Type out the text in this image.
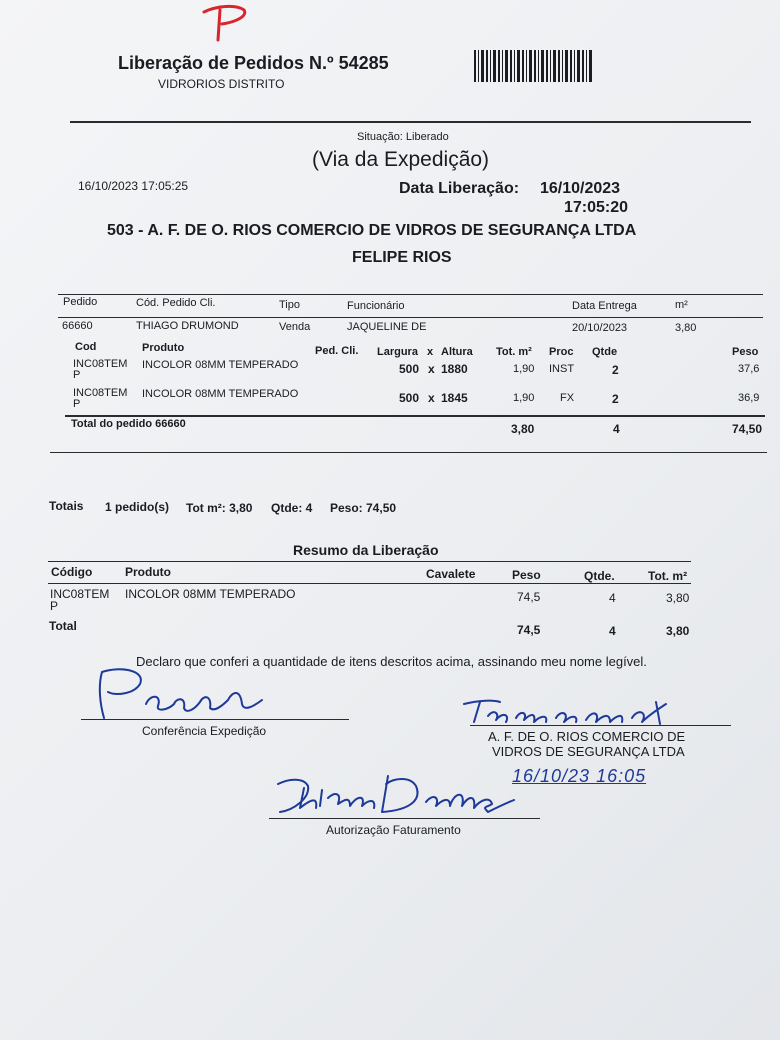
Liberação de Pedidos N.º 54285
VIDRORIOS DISTRITO
Situação: Liberado
(Via da Expedição)
16/10/2023 17:05:25	Data Liberação: 16/10/2023
17:05:20
503 - A. F. DE O. RIOS COMERCIO DE VIDROS DE SEGURANÇA LTDA
FELIPE RIOS
Pedido	Cód. Pedido Cli.	Tipo	Funcionário	Data Entrega	m²
66660	THIAGO DRUMOND	Venda	JAQUELINE DE	20/10/2023	3,80
Cod	Produto	Ped. Cli. Largura x Altura Tot. m² Proc Qtde	Peso
INC08TEM
P
INCOLOR 08MM TEMPERADO	500 x 1880	1,90 INST	2	37,6
INC08TEM
P
INCOLOR 08MM TEMPERADO	500 x 1845	1,90 FX	2	36,9
Total do pedido 66660	3,80	4	74,50
Totais 1 pedido(s) Tot m²: 3,80 Qtde: 4 Peso: 74,50
Resumo da Liberação
Código	Produto	Cavalete	Peso	Qtde.	Tot. m²
INC08TEM
P
INCOLOR 08MM TEMPERADO	74,5	4	3,80
Total	74,5	4	3,80
Declaro que conferi a quantidade de itens descritos acima, assinando meu nome legível.
Conferência Expedição	A. F. DE O. RIOS COMERCIO DE
VIDROS DE SEGURANÇA LTDA
16/10/23 16:05
Autorização Faturamento
